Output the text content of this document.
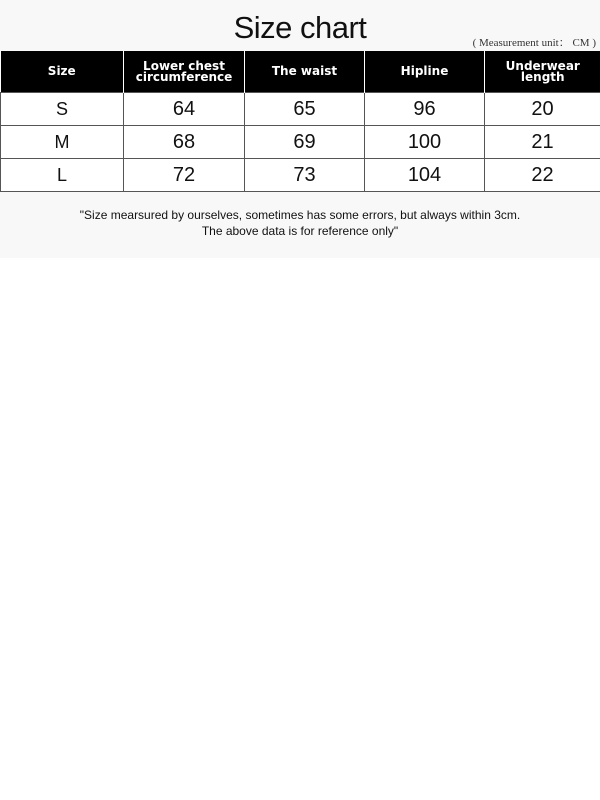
Size chart	( Measurement unit： CM )
Size	Lower chest circumference	The waist	Hipline	Underwear length
S	64	65	96	20
M	68	69	100	21
L	72	73	104	22
"Size mearsured by ourselves, sometimes has some errors, but always within 3cm.
The above data is for reference only"
